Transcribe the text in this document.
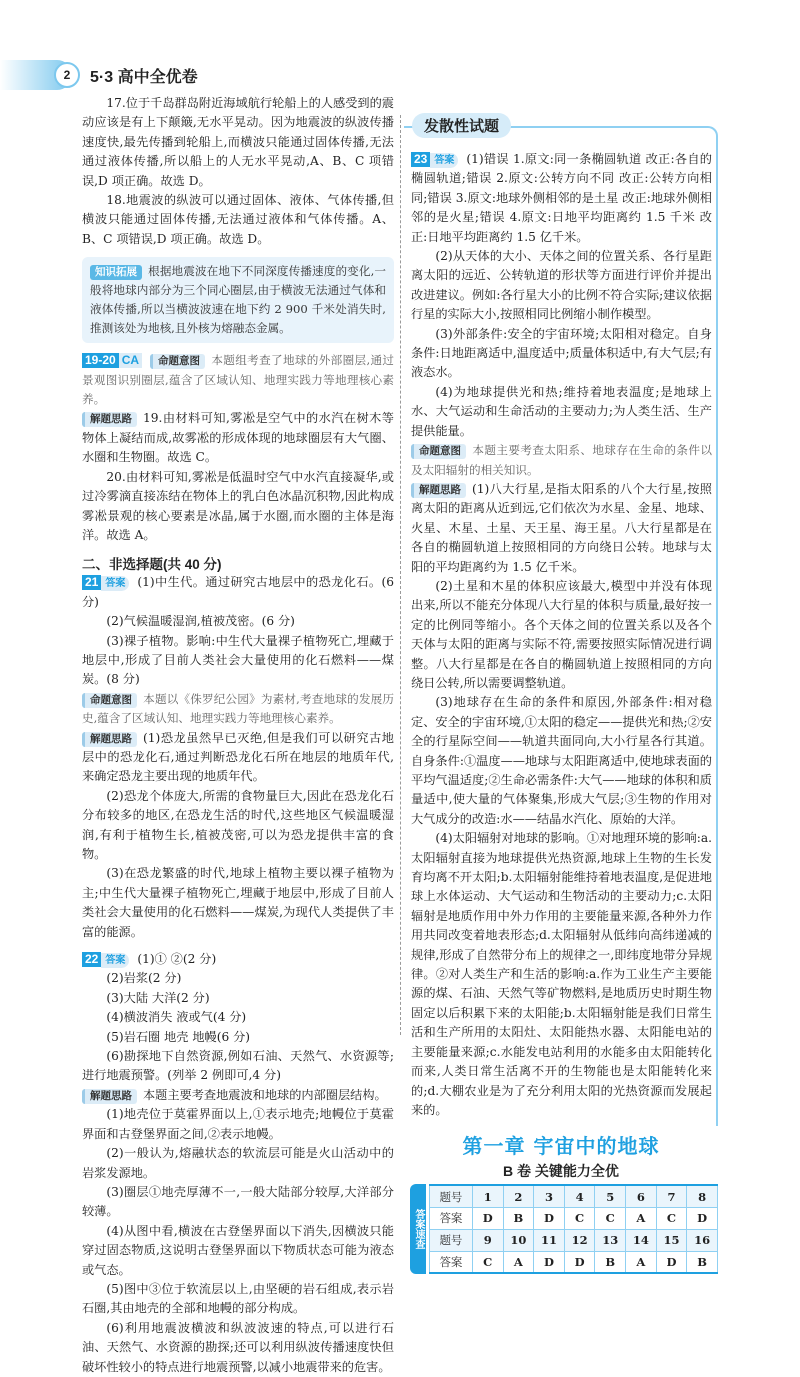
2	5·3 高中全优卷

17.位于千岛群岛附近海域航行轮船上的人感受到的震动应该是有上下颠簸,无水平晃动。因为地震波的纵波传播速度快,最先传播到轮船上,而横波只能通过固体传播,无法通过液体传播,所以船上的人无水平晃动,A、B、C 项错误,D 项正确。故选 D。

18.地震波的纵波可以通过固体、液体、气体传播,但横波只能通过固体传播,无法通过液体和气体传播。A、B、C 项错误,D 项正确。故选 D。

知识拓展 根据地震波在地下不同深度传播速度的变化,一般将地球内部分为三个同心圈层,由于横波无法通过气体和液体传播,所以当横波波速在地下约 2 900 千米处消失时,推测该处为地核,且外核为熔融态金属。

19-20 CA 命题意图 本题组考查了地球的外部圈层,通过景观图识别圈层,蕴含了区域认知、地理实践力等地理核心素养。

解题思路 19.由材料可知,雾凇是空气中的水汽在树木等物体上凝结而成,故雾凇的形成体现的地球圈层有大气圈、水圈和生物圈。故选 C。

20.由材料可知,雾凇是低温时空气中水汽直接凝华,或过冷雾滴直接冻结在物体上的乳白色冰晶沉积物,因此构成雾凇景观的核心要素是冰晶,属于水圈,而水圈的主体是海洋。故选 A。

二、非选择题(共 40 分)

21 答案 (1)中生代。通过研究古地层中的恐龙化石。(6 分)

(2)气候温暖湿润,植被茂密。(6 分)

(3)裸子植物。影响:中生代大量裸子植物死亡,埋藏于地层中,形成了目前人类社会大量使用的化石燃料——煤炭。(8 分)

命题意图 本题以《侏罗纪公园》为素材,考查地球的发展历史,蕴含了区域认知、地理实践力等地理核心素养。

解题思路 (1)恐龙虽然早已灭绝,但是我们可以研究古地层中的恐龙化石,通过判断恐龙化石所在地层的地质年代,来确定恐龙主要出现的地质年代。

(2)恐龙个体庞大,所需的食物量巨大,因此在恐龙化石分布较多的地区,在恐龙生活的时代,这些地区气候温暖湿润,有利于植物生长,植被茂密,可以为恐龙提供丰富的食物。

(3)在恐龙繁盛的时代,地球上植物主要以裸子植物为主;中生代大量裸子植物死亡,埋藏于地层中,形成了目前人类社会大量使用的化石燃料——煤炭,为现代人类提供了丰富的能源。

22 答案 (1)① ②(2 分)

(2)岩浆(2 分)

(3)大陆 大洋(2 分)

(4)横波消失 液或气(4 分)

(5)岩石圈 地壳 地幔(6 分)

(6)勘探地下自然资源,例如石油、天然气、水资源等;进行地震预警。(列举 2 例即可,4 分)

解题思路 本题主要考查地震波和地球的内部圈层结构。

(1)地壳位于莫霍界面以上,①表示地壳;地幔位于莫霍界面和古登堡界面之间,②表示地幔。

(2)一般认为,熔融状态的软流层可能是火山活动中的岩浆发源地。

(3)圈层①地壳厚薄不一,一般大陆部分较厚,大洋部分较薄。

(4)从图中看,横波在古登堡界面以下消失,因横波只能穿过固态物质,这说明古登堡界面以下物质状态可能为液态或气态。

(5)图中③位于软流层以上,由坚硬的岩石组成,表示岩石圈,其由地壳的全部和地幔的部分构成。

(6)利用地震波横波和纵波波速的特点,可以进行石油、天然气、水资源的勘探;还可以利用纵波传播速度快但破坏性较小的特点进行地震预警,以减小地震带来的危害。

发散性试题

23 答案 (1)错误 1.原文:同一条椭圆轨道 改正:各自的椭圆轨道;错误 2.原文:公转方向不同 改正:公转方向相同;错误 3.原文:地球外侧相邻的是土星 改正:地球外侧相邻的是火星;错误 4.原文:日地平均距离约 1.5 千米 改正:日地平均距离约 1.5 亿千米。

(2)从天体的大小、天体之间的位置关系、各行星距离太阳的远近、公转轨道的形状等方面进行评价并提出改进建议。例如:各行星大小的比例不符合实际;建议依据行星的实际大小,按照相同比例缩小制作模型。

(3)外部条件:安全的宇宙环境;太阳相对稳定。自身条件:日地距离适中,温度适中;质量体积适中,有大气层;有液态水。

(4)为地球提供光和热;维持着地表温度;是地球上水、大气运动和生命活动的主要动力;为人类生活、生产提供能量。

命题意图 本题主要考查太阳系、地球存在生命的条件以及太阳辐射的相关知识。

解题思路 (1)八大行星,是指太阳系的八个大行星,按照离太阳的距离从近到远,它们依次为水星、金星、地球、火星、木星、土星、天王星、海王星。八大行星都是在各自的椭圆轨道上按照相同的方向绕日公转。地球与太阳的平均距离约为 1.5 亿千米。

(2)土星和木星的体积应该最大,模型中并没有体现出来,所以不能充分体现八大行星的体积与质量,最好按一定的比例同等缩小。各个天体之间的位置关系以及各个天体与太阳的距离与实际不符,需要按照实际情况进行调整。八大行星都是在各自的椭圆轨道上按照相同的方向绕日公转,所以需要调整轨道。

(3)地球存在生命的条件和原因,外部条件:相对稳定、安全的宇宙环境,①太阳的稳定——提供光和热;②安全的行星际空间——轨道共面同向,大小行星各行其道。自身条件:①温度——地球与太阳距离适中,使地球表面的平均气温适度;②生命必需条件:大气——地球的体积和质量适中,使大量的气体聚集,形成大气层;③生物的作用对大气成分的改造:水——结晶水汽化、原始的大洋。

(4)太阳辐射对地球的影响。①对地理环境的影响:a.太阳辐射直接为地球提供光热资源,地球上生物的生长发育均离不开太阳;b.太阳辐射能维持着地表温度,是促进地球上水体运动、大气运动和生物活动的主要动力;c.太阳辐射是地质作用中外力作用的主要能量来源,各种外力作用共同改变着地表形态;d.太阳辐射从低纬向高纬递减的规律,形成了自然带分布上的规律之一,即纬度地带分异规律。②对人类生产和生活的影响:a.作为工业生产主要能源的煤、石油、天然气等矿物燃料,是地质历史时期生物固定以后积累下来的太阳能;b.太阳辐射能是我们日常生活和生产所用的太阳灶、太阳能热水器、太阳能电站的主要能量来源;c.水能发电站利用的水能多由太阳能转化而来,人类日常生活离不开的生物能也是太阳能转化来的;d.大棚农业是为了充分利用太阳的光热资源而发展起来的。

第一章 宇宙中的地球
B 卷 关键能力全优
答案速查
题号	1	2	3	4	5	6	7	8
答案	D	B	D	C	C	A	C	D
题号	9	10	11	12	13	14	15	16
答案	C	A	D	D	B	A	D	B
